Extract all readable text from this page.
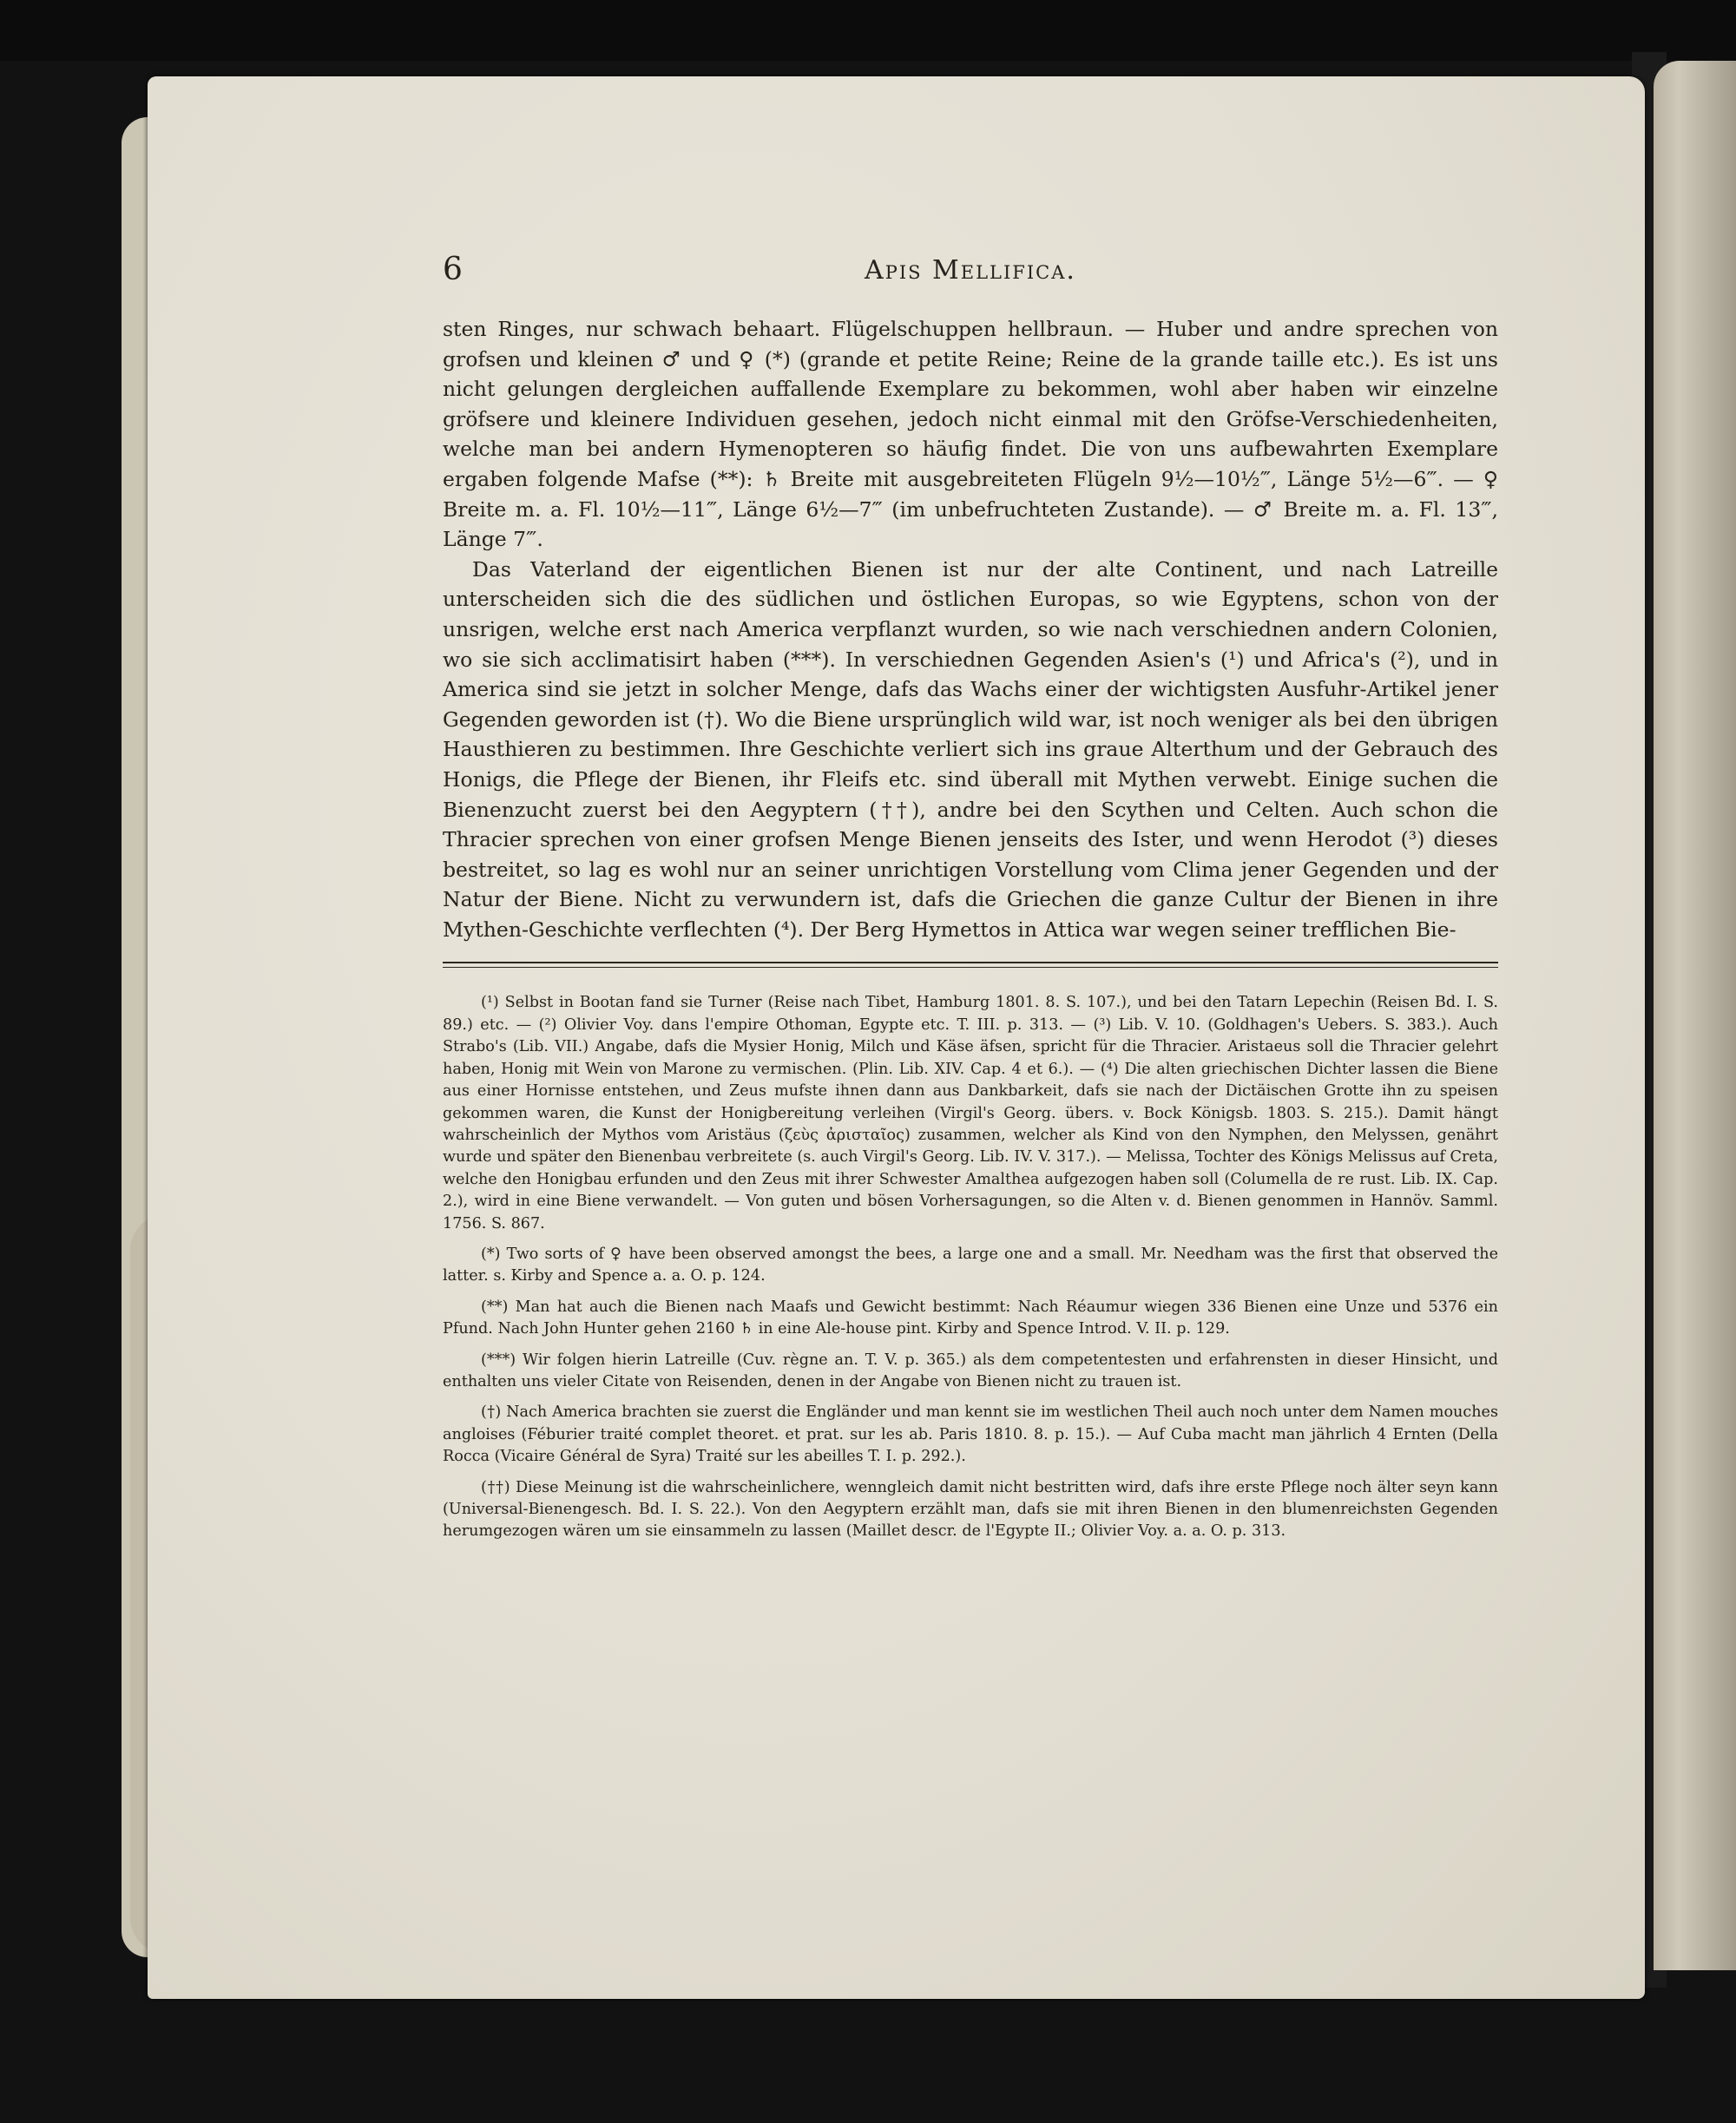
6	Apis Mellifica.

sten Ringes, nur schwach behaart. Flügelschuppen hellbraun. — Huber und andre sprechen von grofsen und kleinen ♂ und ♀ (*) (grande et petite Reine; Reine de la grande taille etc.). Es ist uns nicht gelungen dergleichen auffallende Exemplare zu bekommen, wohl aber haben wir einzelne gröfsere und kleinere Individuen gesehen, jedoch nicht einmal mit den Gröfse-Verschiedenheiten, welche man bei andern Hymenopteren so häufig findet. Die von uns aufbewahrten Exemplare ergaben folgende Mafse (**): ♄ Breite mit ausgebreiteten Flügeln 9½—10½‴, Länge 5½—6‴. — ♀ Breite m. a. Fl. 10½—11‴, Länge 6½—7‴ (im unbefruchteten Zustande). — ♂ Breite m. a. Fl. 13‴, Länge 7‴.

Das Vaterland der eigentlichen Bienen ist nur der alte Continent, und nach Latreille unterscheiden sich die des südlichen und östlichen Europas, so wie Egyptens, schon von der unsrigen, welche erst nach America verpflanzt wurden, so wie nach verschiednen andern Colonien, wo sie sich acclimatisirt haben (***). In verschiednen Gegenden Asien's (¹) und Africa's (²), und in America sind sie jetzt in solcher Menge, dafs das Wachs einer der wichtigsten Ausfuhr-Artikel jener Gegenden geworden ist (†). Wo die Biene ursprünglich wild war, ist noch weniger als bei den übrigen Hausthieren zu bestimmen. Ihre Geschichte verliert sich ins graue Alterthum und der Gebrauch des Honigs, die Pflege der Bienen, ihr Fleifs etc. sind überall mit Mythen verwebt. Einige suchen die Bienenzucht zuerst bei den Aegyptern (††), andre bei den Scythen und Celten. Auch schon die Thracier sprechen von einer grofsen Menge Bienen jenseits des Ister, und wenn Herodot (³) dieses bestreitet, so lag es wohl nur an seiner unrichtigen Vorstellung vom Clima jener Gegenden und der Natur der Biene. Nicht zu verwundern ist, dafs die Griechen die ganze Cultur der Bienen in ihre Mythen-Geschichte verflechten (⁴). Der Berg Hymettos in Attica war wegen seiner trefflichen Bie-

(¹) Selbst in Bootan fand sie Turner (Reise nach Tibet, Hamburg 1801. 8. S. 107.), und bei den Tatarn Lepechin (Reisen Bd. I. S. 89.) etc. — (²) Olivier Voy. dans l'empire Othoman, Egypte etc. T. III. p. 313. — (³) Lib. V. 10. (Goldhagen's Uebers. S. 383.). Auch Strabo's (Lib. VII.) Angabe, dafs die Mysier Honig, Milch und Käse äfsen, spricht für die Thracier. Aristaeus soll die Thracier gelehrt haben, Honig mit Wein von Marone zu vermischen. (Plin. Lib. XIV. Cap. 4 et 6.). — (⁴) Die alten griechischen Dichter lassen die Biene aus einer Hornisse entstehen, und Zeus mufste ihnen dann aus Dankbarkeit, dafs sie nach der Dictäischen Grotte ihn zu speisen gekommen waren, die Kunst der Honigbereitung verleihen (Virgil's Georg. übers. v. Bock Königsb. 1803. S. 215.). Damit hängt wahrscheinlich der Mythos vom Aristäus (ζεὺς ἀρισταῖος) zusammen, welcher als Kind von den Nymphen, den Melyssen, genährt wurde und später den Bienenbau verbreitete (s. auch Virgil's Georg. Lib. IV. V. 317.). — Melissa, Tochter des Königs Melissus auf Creta, welche den Honigbau erfunden und den Zeus mit ihrer Schwester Amalthea aufgezogen haben soll (Columella de re rust. Lib. IX. Cap. 2.), wird in eine Biene verwandelt. — Von guten und bösen Vorhersagungen, so die Alten v. d. Bienen genommen in Hannöv. Samml. 1756. S. 867.

(*) Two sorts of ♀ have been observed amongst the bees, a large one and a small. Mr. Needham was the first that observed the latter. s. Kirby and Spence a. a. O. p. 124.

(**) Man hat auch die Bienen nach Maafs und Gewicht bestimmt: Nach Réaumur wiegen 336 Bienen eine Unze und 5376 ein Pfund. Nach John Hunter gehen 2160 ♄ in eine Ale-house pint. Kirby and Spence Introd. V. II. p. 129.

(***) Wir folgen hierin Latreille (Cuv. règne an. T. V. p. 365.) als dem competentesten und erfahrensten in dieser Hinsicht, und enthalten uns vieler Citate von Reisenden, denen in der Angabe von Bienen nicht zu trauen ist.

(†) Nach America brachten sie zuerst die Engländer und man kennt sie im westlichen Theil auch noch unter dem Namen mouches angloises (Féburier traité complet theoret. et prat. sur les ab. Paris 1810. 8. p. 15.). — Auf Cuba macht man jährlich 4 Ernten (Della Rocca (Vicaire Général de Syra) Traité sur les abeilles T. I. p. 292.).

(††) Diese Meinung ist die wahrscheinlichere, wenngleich damit nicht bestritten wird, dafs ihre erste Pflege noch älter seyn kann (Universal-Bienengesch. Bd. I. S. 22.). Von den Aegyptern erzählt man, dafs sie mit ihren Bienen in den blumenreichsten Gegenden herumgezogen wären um sie einsammeln zu lassen (Maillet descr. de l'Egypte II.; Olivier Voy. a. a. O. p. 313.
